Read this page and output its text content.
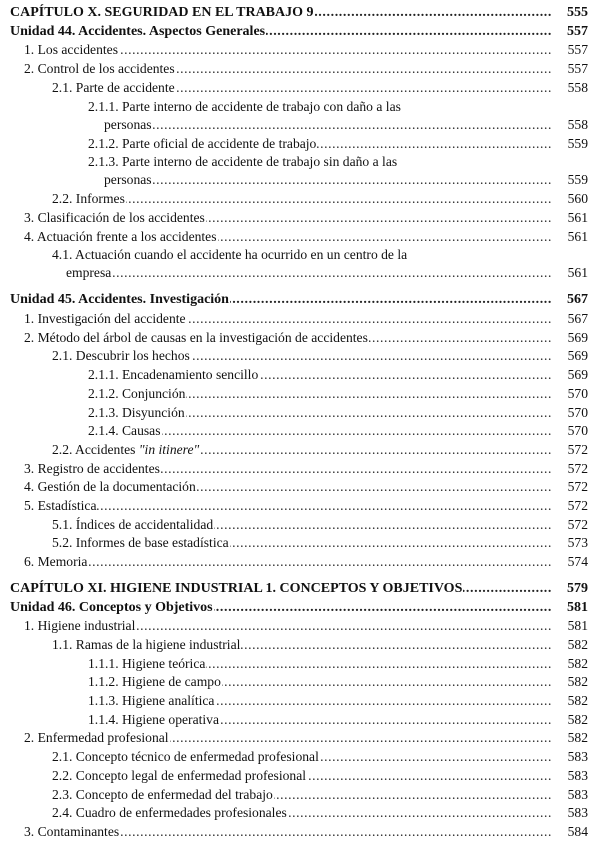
CAPÍTULO X. SEGURIDAD EN EL TRABAJO 9 .....	555
Unidad 44. Accidentes. Aspectos Generales .....	557
1. Los accidentes .....	557
2. Control de los accidentes .....	557
2.1. Parte de accidente .....	558
2.1.1. Parte interno de accidente de trabajo con daño a las
personas .....	558
2.1.2. Parte oficial de accidente de trabajo .....	559
2.1.3. Parte interno de accidente de trabajo sin daño a las
personas .....	559
2.2. Informes .....	560
3. Clasificación de los accidentes .....	561
4. Actuación frente a los accidentes .....	561
4.1. Actuación cuando el accidente ha ocurrido en un centro de la
empresa .....	561
Unidad 45. Accidentes. Investigación .....	567
1. Investigación del accidente .....	567
2. Método del árbol de causas en la investigación de accidentes .....	569
2.1. Descubrir los hechos .....	569
2.1.1. Encadenamiento sencillo .....	569
2.1.2. Conjunción .....	570
2.1.3. Disyunción .....	570
2.1.4. Causas .....	570
2.2. Accidentes "in itinere" .....	572
3. Registro de accidentes .....	572
4. Gestión de la documentación .....	572
5. Estadística .....	572
5.1. Índices de accidentalidad .....	572
5.2. Informes de base estadística .....	573
6. Memoria .....	574
CAPÍTULO XI. HIGIENE INDUSTRIAL 1. CONCEPTOS Y OBJETIVOS .....	579
Unidad 46. Conceptos y Objetivos .....	581
1. Higiene industrial .....	581
1.1. Ramas de la higiene industrial .....	582
1.1.1. Higiene teórica .....	582
1.1.2. Higiene de campo .....	582
1.1.3. Higiene analítica .....	582
1.1.4. Higiene operativa .....	582
2. Enfermedad profesional .....	582
2.1. Concepto técnico de enfermedad profesional .....	583
2.2. Concepto legal de enfermedad profesional .....	583
2.3. Concepto de enfermedad del trabajo .....	583
2.4. Cuadro de enfermedades profesionales .....	583
3. Contaminantes .....	584
